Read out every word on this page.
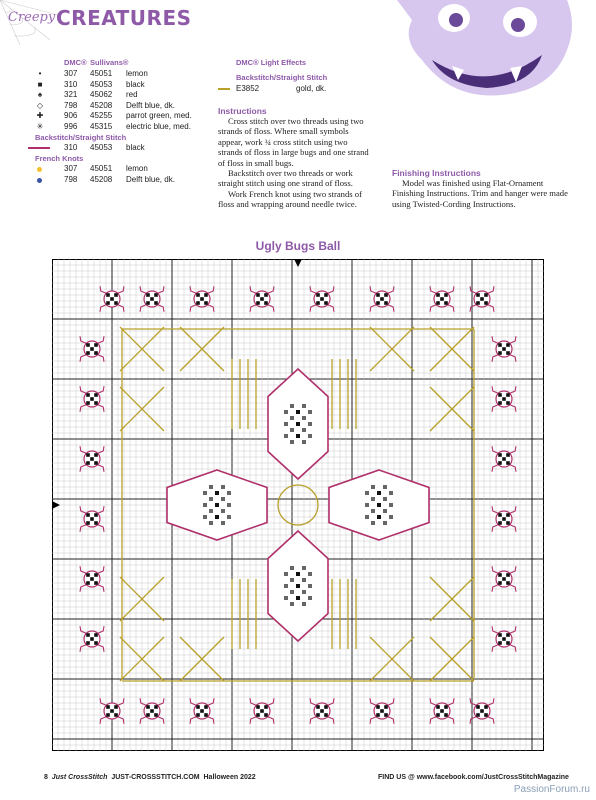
Creepy CREATURES
DMC® Sullivans®
•	307 45051 lemon
■	310 45053 black
♠	321 45062 red
◇	798 45208 Delft blue, dk.
✚	906 45255 parrot green, med.
✳	996 45315 electric blue, med.
Backstitch/Straight Stitch
310 45053 black
French Knots
307 45051 lemon
798 45208 Delft blue, dk.
DMC® Light Effects
Backstitch/Straight Stitch
E3852	gold, dk.
Instructions
Cross stitch over two threads using two strands of floss. Where small symbols appear, work ¾ cross stitch using two strands of floss in large bugs and one strand of floss in small bugs.
Backstitch over two threads or work straight stitch using one strand of floss.
Work French knot using two strands of floss and wrapping around needle twice.
Finishing Instructions
Model was finished using Flat-Ornament Finishing Instructions. Trim and hanger were made using Twisted-Cording Instructions.
Ugly Bugs Ball
8 Just CrossStitch JUST-CROSSSTITCH.COM Halloween 2022	FIND US @ www.facebook.com/JustCrossStitchMagazine
PassionForum.ru
